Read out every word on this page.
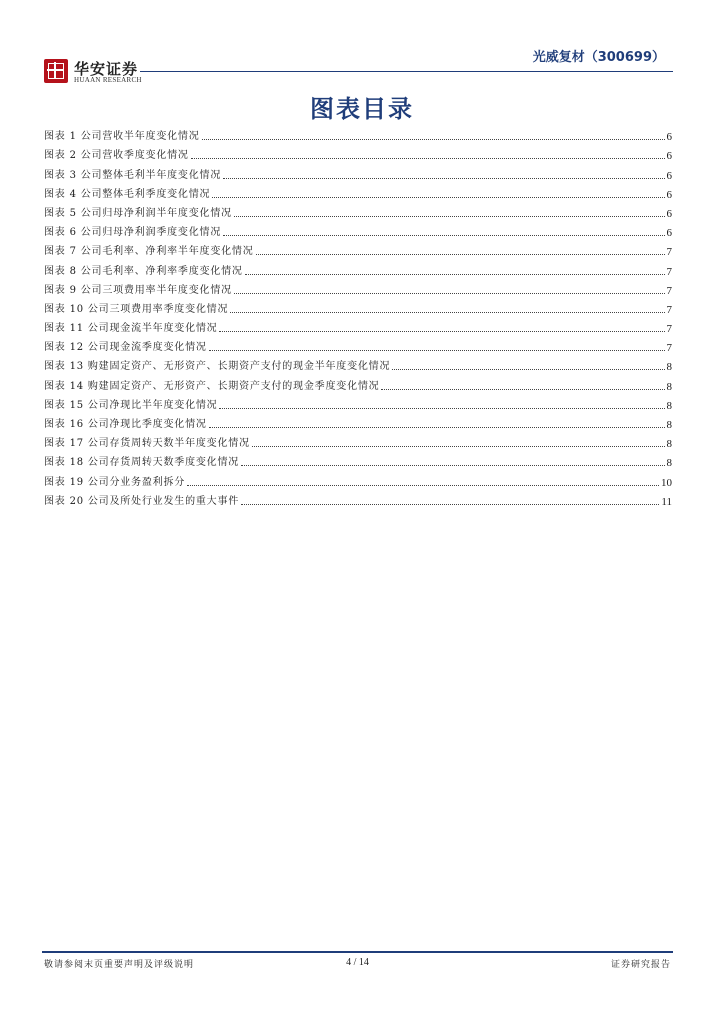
华安证券
HUAAN RESEARCH
光威复材（300699）
图表目录
图表 1 公司营收半年度变化情况	6
图表 2 公司营收季度变化情况	6
图表 3 公司整体毛利半年度变化情况	6
图表 4 公司整体毛利季度变化情况	6
图表 5 公司归母净利润半年度变化情况	6
图表 6 公司归母净利润季度变化情况	6
图表 7 公司毛利率、净利率半年度变化情况	7
图表 8 公司毛利率、净利率季度变化情况	7
图表 9 公司三项费用率半年度变化情况	7
图表 10 公司三项费用率季度变化情况	7
图表 11 公司现金流半年度变化情况	7
图表 12 公司现金流季度变化情况	7
图表 13 购建固定资产、无形资产、长期资产支付的现金半年度变化情况	8
图表 14 购建固定资产、无形资产、长期资产支付的现金季度变化情况	8
图表 15 公司净现比半年度变化情况	8
图表 16 公司净现比季度变化情况	8
图表 17 公司存货周转天数半年度变化情况	8
图表 18 公司存货周转天数季度变化情况	8
图表 19 公司分业务盈利拆分	10
图表 20 公司及所处行业发生的重大事件	11
敬请参阅末页重要声明及评级说明	4 / 14	证券研究报告
